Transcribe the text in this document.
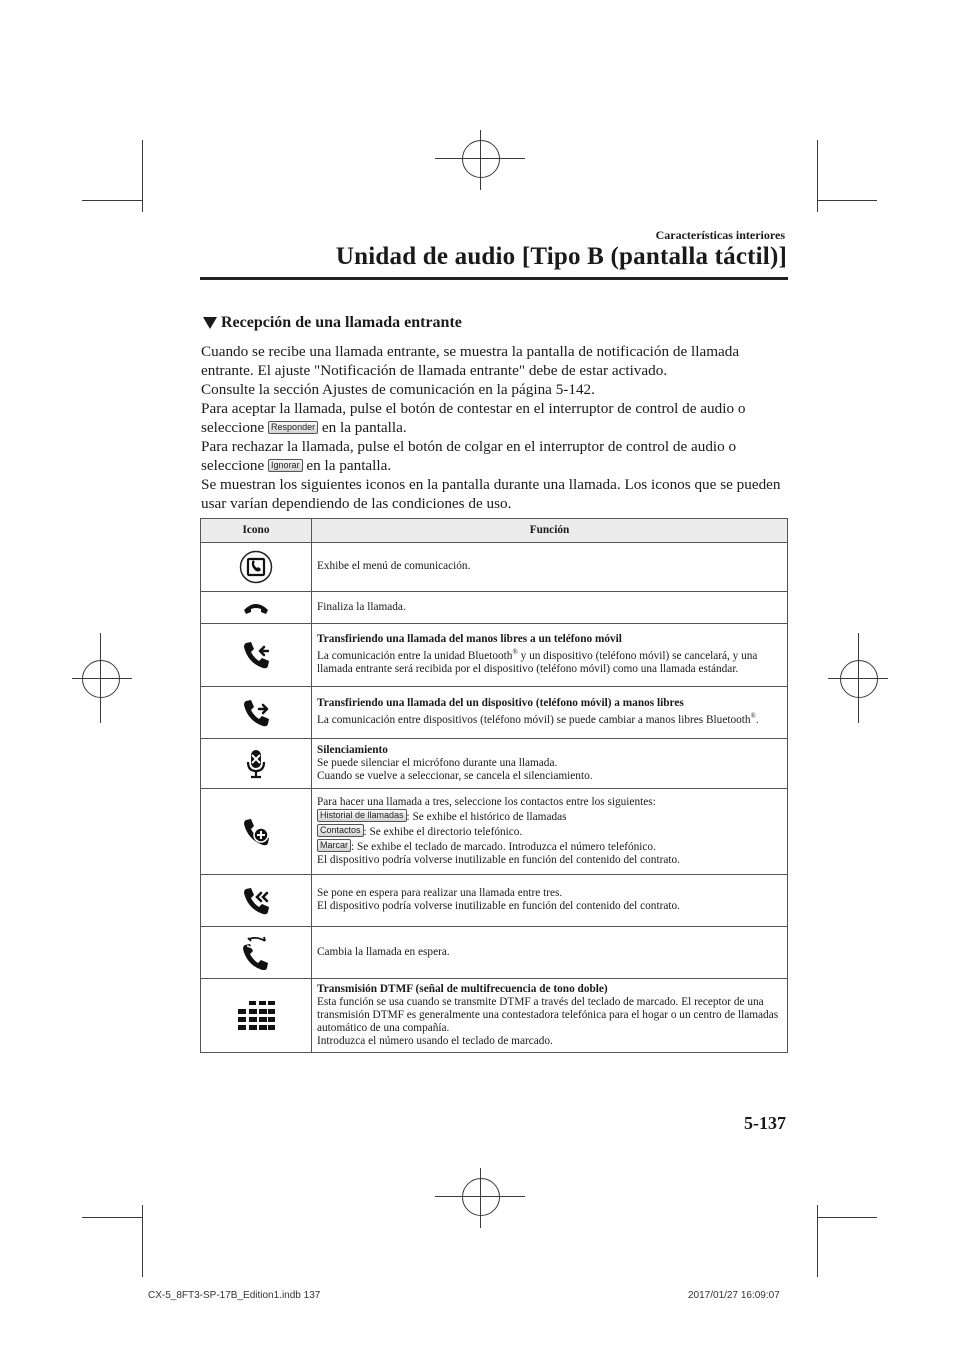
Características interiores
Unidad de audio [Tipo B (pantalla táctil)]
Recepción de una llamada entrante

Cuando se recibe una llamada entrante, se muestra la pantalla de notificación de llamada entrante. El ajuste "Notificación de llamada entrante" debe de estar activado.

Consulte la sección Ajustes de comunicación en la página 5-142.

Para aceptar la llamada, pulse el botón de contestar en el interruptor de control de audio o seleccione Responder en la pantalla.

Para rechazar la llamada, pulse el botón de colgar en el interruptor de control de audio o seleccione Ignorar en la pantalla.

Se muestran los siguientes iconos en la pantalla durante una llamada. Los iconos que se pueden usar varían dependiendo de las condiciones de uso.

Icono	Función

	Exhibe el menú de comunicación.

	Finaliza la llamada.

Transfiriendo una llamada del manos libres a un teléfono móvil
La comunicación entre la unidad Bluetooth® y un dispositivo (teléfono móvil) se cancelará, y una llamada entrante será recibida por el dispositivo (teléfono móvil) como una llamada estándar.

Transfiriendo una llamada del un dispositivo (teléfono móvil) a manos libres
La comunicación entre dispositivos (teléfono móvil) se puede cambiar a manos libres Bluetooth®.

Silenciamiento
Se puede silenciar el micrófono durante una llamada.
Cuando se vuelve a seleccionar, se cancela el silenciamiento.

Para hacer una llamada a tres, seleccione los contactos entre los siguientes:
Historial de llamadas : Se exhibe el histórico de llamadas
Contactos : Se exhibe el directorio telefónico.
Marcar : Se exhibe el teclado de marcado. Introduzca el número telefónico.
El dispositivo podría volverse inutilizable en función del contenido del contrato.

Se pone en espera para realizar una llamada entre tres.
El dispositivo podría volverse inutilizable en función del contenido del contrato.

	Cambia la llamada en espera.

Transmisión DTMF (señal de multifrecuencia de tono doble)
Esta función se usa cuando se transmite DTMF a través del teclado de marcado. El receptor de una transmisión DTMF es generalmente una contestadora telefónica para el hogar o un centro de llamadas automático de una compañía.
Introduzca el número usando el teclado de marcado.
5-137
CX-5_8FT3-SP-17B_Edition1.indb 137	2017/01/27 16:09:07
